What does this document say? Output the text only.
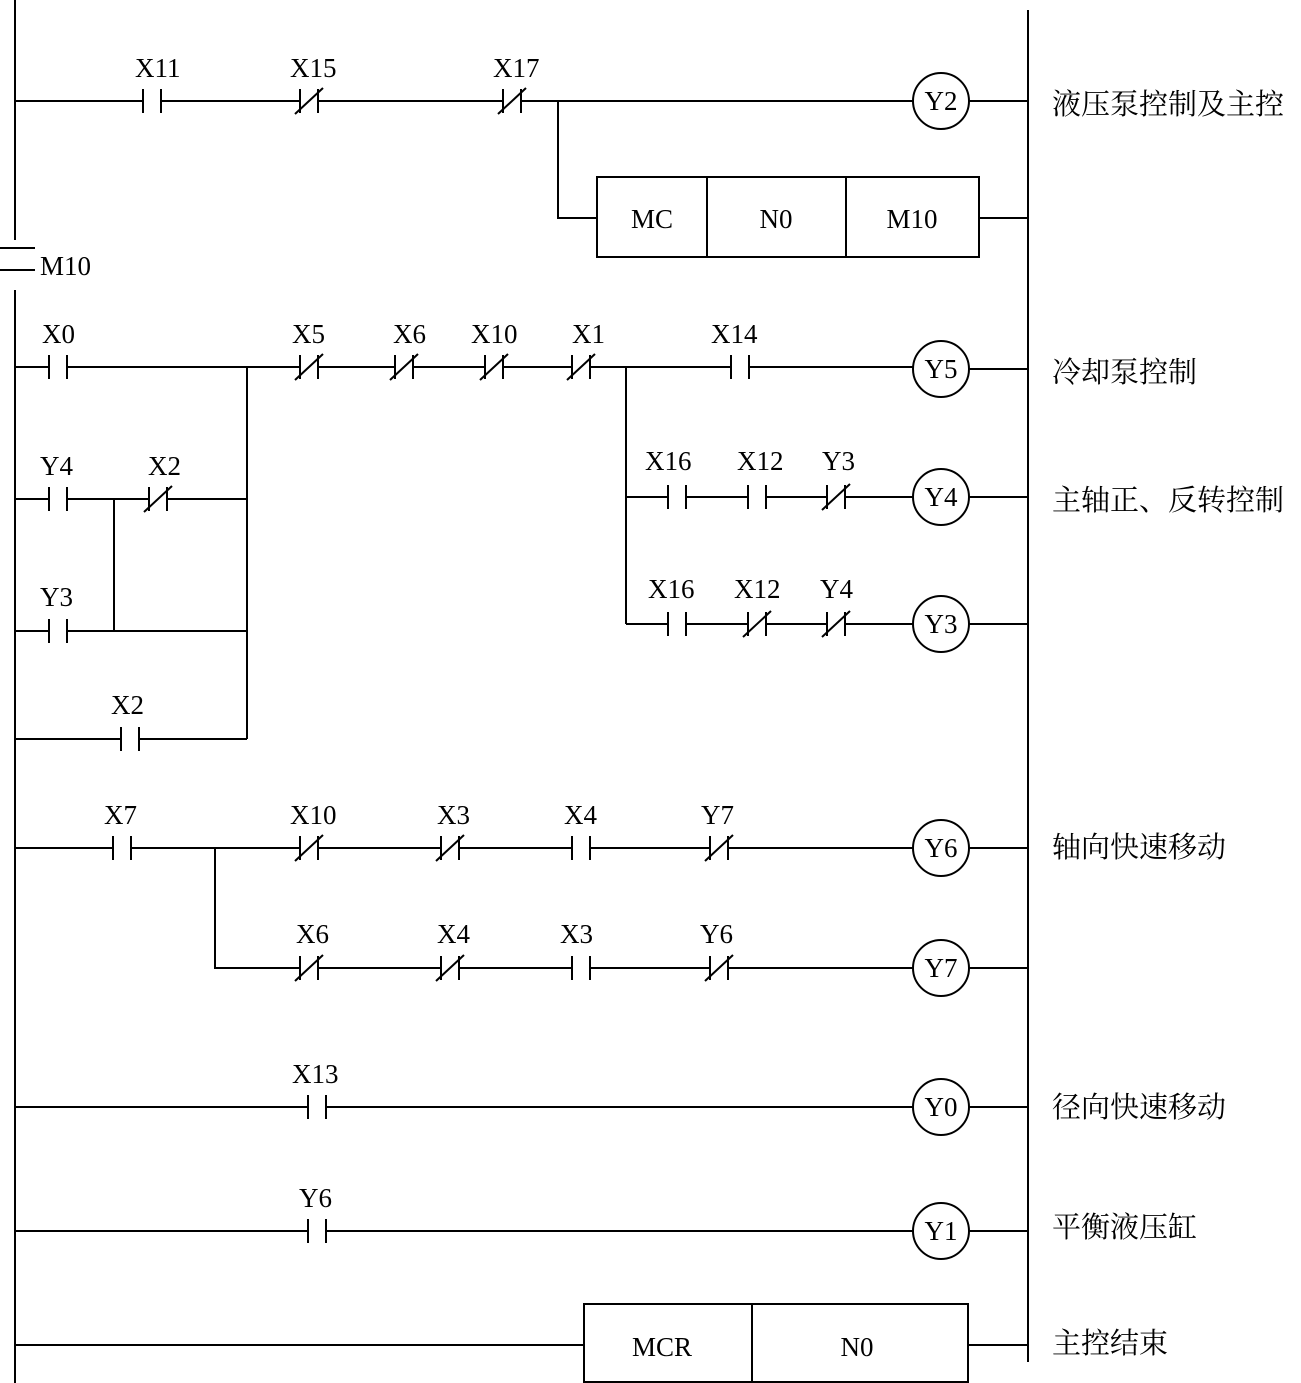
M10
X11	X15	X17
Y2
MC	N0	M10
X0	X5	X6 X10 X1	X14
Y5
Y4	X2
Y3
X2
X16 X12 Y3
Y4
X16 X12 Y4
Y3
X7	X10	X3	X4	Y7
Y6
X6	X4	X3	Y6
Y7
X13
Y0
Y6
Y1
MCR	N0
液压泵控制及主控
冷却泵控制
主轴正、反转控制
轴向快速移动
径向快速移动
平衡液压缸
主控结束
